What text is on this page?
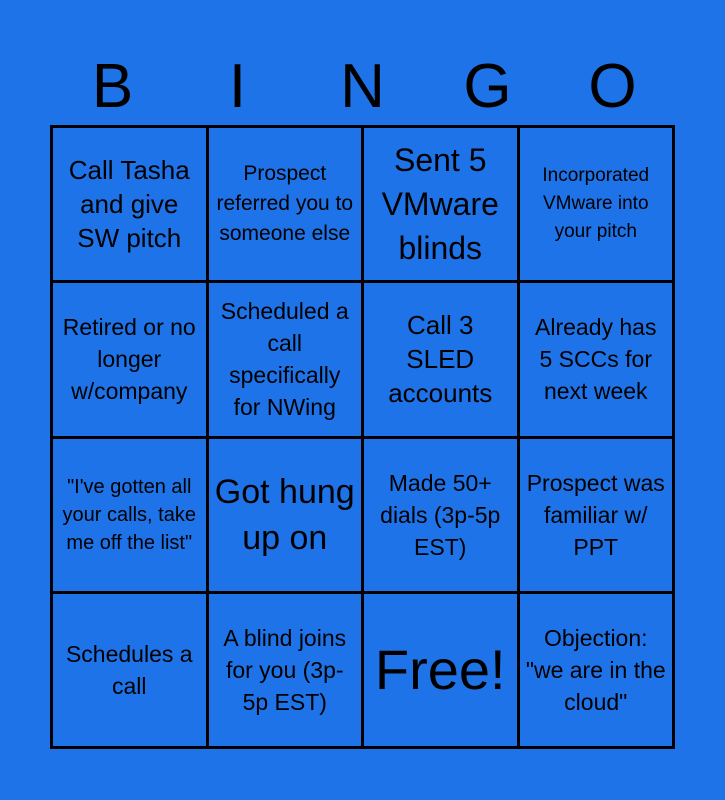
B	I	N	G	O
Call Tasha and give SW pitch
Prospect referred you to someone else
Sent 5 VMware blinds
Incorporated VMware into your pitch
Retired or no longer w/company
Scheduled a call specifically for NWing
Call 3 SLED accounts
Already has 5 SCCs for next week
"I've gotten all your calls, take me off the list"
Got hung up on
Made 50+ dials (3p-5p EST)
Prospect was familiar w/ PPT
Schedules a call
A blind joins for you (3p-5p EST)
Free!	Objection: "we are in the cloud"
